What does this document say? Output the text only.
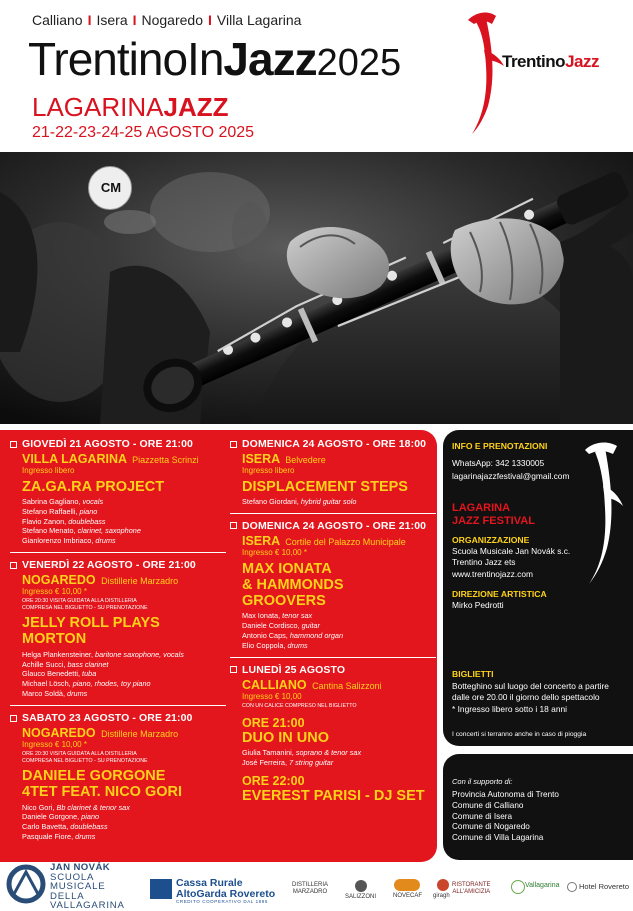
Calliano I Isera I Nogaredo I Villa Lagarina
TrentinoInJazz2025
LAGARINAJAZZ
21-22-23-24-25 AGOSTO 2025
TrentinoJazz
CM
GIOVEDÌ 21 AGOSTO - ORE 21:00
VILLA LAGARINA Piazzetta Scrinzi
Ingresso libero
ZA.GA.RA PROJECT
Sabrina Gagliano, vocals
Stefano Raffaelli, piano
Flavio Zanon, doublebass
Stefano Menato, clarinet, saxophone
Gianlorenzo Imbriaco, drums
VENERDÌ 22 AGOSTO - ORE 21:00
NOGAREDO Distillerie Marzadro
Ingresso € 10,00 *
ORE 20:30 VISITA GUIDATA ALLA DISTILLERIA
COMPRESA NEL BIGLIETTO - SU PRENOTAZIONE
JELLY ROLL PLAYS
MORTON
Helga Plankensteiner, baritone saxophone, vocals
Achille Succi, bass clarinet
Glauco Benedetti, tuba
Michael Lösch, piano, rhodes, toy piano
Marco Soldà, drums
SABATO 23 AGOSTO - ORE 21:00
NOGAREDO Distillerie Marzadro
Ingresso € 10,00 *
ORE 20:30 VISITA GUIDATA ALLA DISTILLERIA
COMPRESA NEL BIGLIETTO - SU PRENOTAZIONE
DANIELE GORGONE
4TET FEAT. NICO GORI
Nico Gori, Bb clarinet & tenor sax
Daniele Gorgone, piano
Carlo Bavetta, doublebass
Pasquale Fiore, drums
DOMENICA 24 AGOSTO - ORE 18:00
ISERA Belvedere
Ingresso libero
DISPLACEMENT STEPS
Stefano Giordani, hybrid guitar solo
DOMENICA 24 AGOSTO - ORE 21:00
ISERA Cortile del Palazzo Municipale
Ingresso € 10,00 *
MAX IONATA
& HAMMONDS
GROOVERS
Max Ionata, tenor sax
Daniele Cordisco, guitar
Antonio Caps, hammond organ
Elio Coppola, drums
LUNEDÌ 25 AGOSTO
CALLIANO Cantina Salizzoni
Ingresso € 10,00
CON UN CALICE COMPRESO NEL BIGLIETTO
ORE 21:00
DUO IN UNO
Giulia Tamanini, soprano & tenor sax
José Ferreira, 7 string guitar
ORE 22:00
EVEREST PARISI - DJ SET
INFO E PRENOTAZIONI
WhatsApp: 342 1330005
lagarinajazzfestival@gmail.com
LAGARINA
JAZZ FESTIVAL
ORGANIZZAZIONE
Scuola Musicale Jan Novák s.c.
Trentino Jazz ets
www.trentinojazz.com
DIREZIONE ARTISTICA
Mirko Pedrotti
BIGLIETTI
Botteghino sul luogo del concerto a partire
dalle ore 20.00 il giorno dello spettacolo
* Ingresso libero sotto i 18 anni
I concerti si terranno anche in caso di pioggia
Con il supporto di:
Provincia Autonoma di Trento
Comune di Calliano
Comune di Isera
Comune di Nogaredo
Comune di Villa Lagarina
JAN NOVÁK
SCUOLA
MUSICALE
DELLA
VALLAGARINA
Cassa Rurale
AltoGarda Rovereto
CREDITO COOPERATIVO DAL 1895
DISTILLERIA
MARZADRO
SALIZZONI	NOVECAF giragh
RISTORANTE
ALL'AMICIZIA
Vallagarina	Hotel Rovereto
